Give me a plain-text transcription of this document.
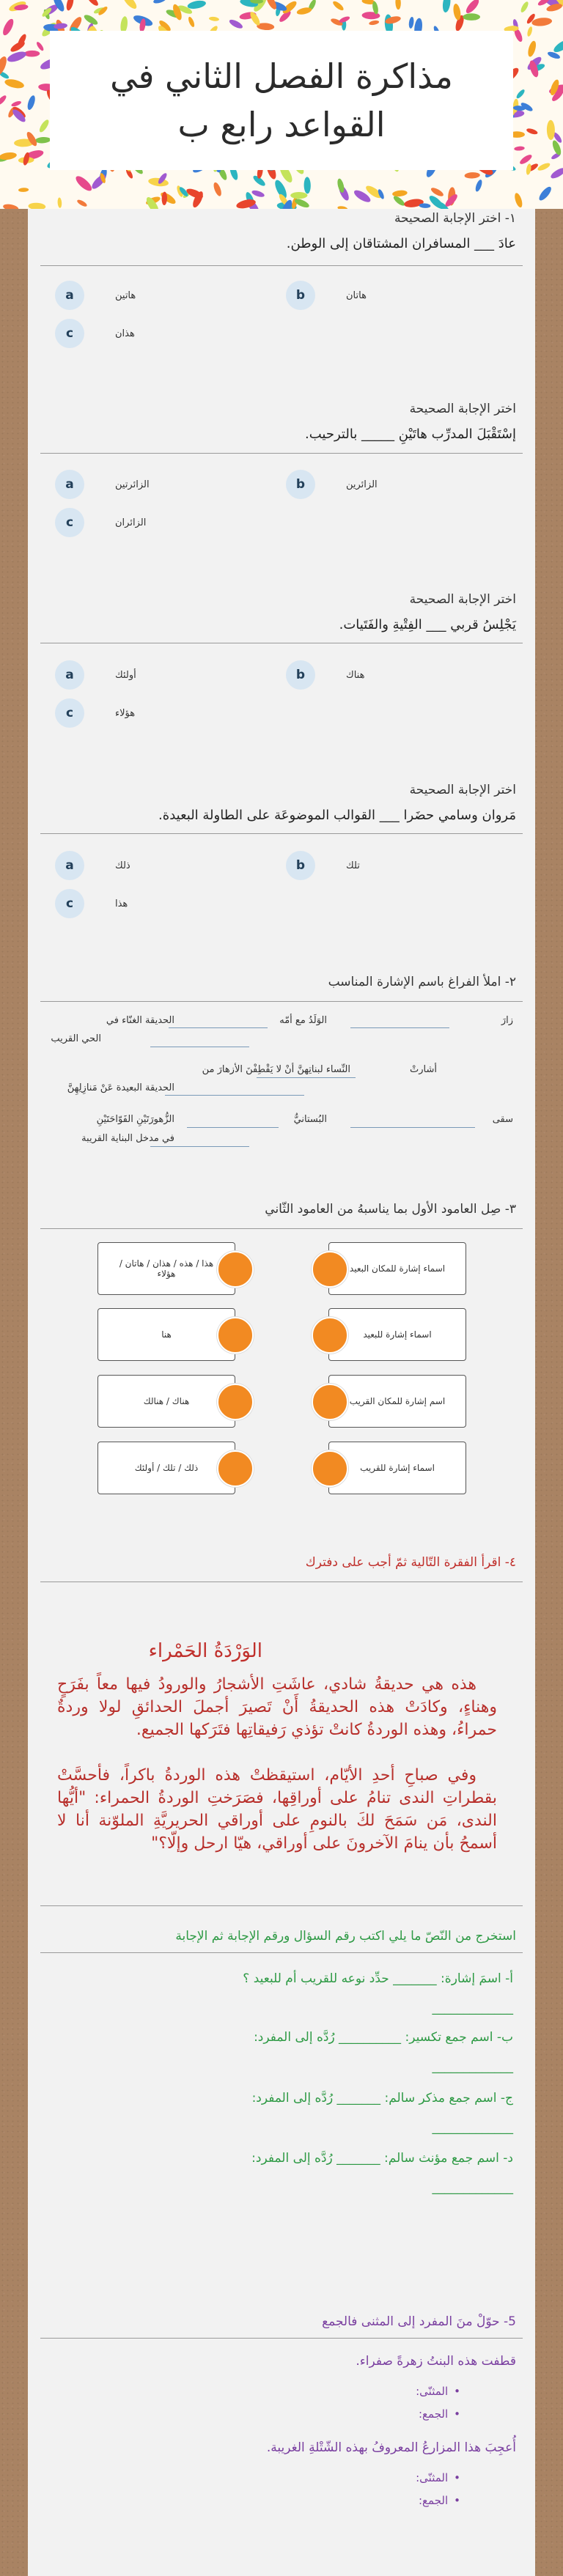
مذاكرة الفصل الثاني في
القواعد رابع ب
١- اختر الإجابة الصحيحة
عادَ ___ المسافران المشتاقان إلى الوطن.
a	هاتين	b	هاتان
c	هذان
a	الزائرتين	b	الزائرين
c	الزائران
a	أولئك	b	هناك
c	هؤلاء
a	ذلك	b	تلك
c	هذا
اختر الإجابة الصحيحة
إسْتَقْبَلَ المدرِّب هاتَيْنِ _____ بالترحيب.
اختر الإجابة الصحيحة
يَجْلِسُ قربي ___ الفِتْيةِ والفَتَيات.
اختر الإجابة الصحيحة
مَروان وسامي حضَرا ___ القوالب الموضوعَة على الطاولة البعيدة.
٢- املأ الفراغ باسم الإشارة المناسب
زارَ
الوَلَدُ مع أمّه
الحديقة الغنّاء في
الحي القريب
أشارتْ
النِّساء لبناتِهنَّ أنْ لا يَقْطِفْنَ الأزهارَ من
الحديقة البعيدة عَنْ مَنازِلِهِنَّ
سقى
البُستانيُّ
الزُّهورَتَيْنِ الفَوّاحَتَيْنِ
في مدخل البناية القريبة
٣- صِل العامود الأول بما يناسبهُ من العامود الثّاني
هذا / هذه / هذان / هاتان / هؤلاء	اسماء إشارة للمكان البعيد
هنا	اسماء إشارة للبعيد
هناك / هنالك	اسم إشارة للمكان القريب
ذلك / تلك / أولئك	اسماء إشارة للقريب
٤- اقرأ الفقرة التّالية ثمّ أجب على دفترك
الوَرْدَةُ الحَمْراء
هذه هي حديقةُ شادي، عاشَتِ الأشجارُ والورودُ فيها معاً بفَرَحٍ وهناءٍ، وكادَتْ هذه الحديقةُ أَنْ تَصيرَ أجملَ الحدائقِ لولا وردةٌ حمراءُ، وهذه الوردةُ كانتْ تؤذي رَفيقاتِها فتَرَكها الجميع.
وفي صباحِ أحدِ الأيّام، استيقظتْ هذه الوردةُ باكراً، فأحسَّتْ بقطراتِ الندى تنامُ على أوراقِها، فصَرَختِ الوردةُ الحمراء: "أيُّها الندى، مَن سَمَحَ لكَ بالنومِ على أوراقي الحريريَّةِ الملوّنة أنا لا أسمحُ بأن ينامَ الآخرونَ على أوراقي، هيّا ارحل وإلّا؟"
استخرج من النّصّ ما يلي اكتب رقم السؤال ورقم الإجابة ثم الإجابة
أ- اسمَ إشارة: _______ حدِّد نوعه للقريب أم للبعيد ؟
_____________
ب- اسم جمع تكسير: __________ رُدَّه إلى المفرد:
_____________
ج- اسم جمع مذكر سالم: _______ رُدَّه إلى المفرد:
_____________
د- اسم جمع مؤنث سالم: _______ رُدَّه إلى المفرد:
_____________
5- حوّلْ منَ المفرد إلى المثنى فالجمع
قطفت هذه البنتُ زهرةً صفراء.
• المثنّى:
• الجمع:
أُعجِبَ هذا المزارعُ المعروفُ بهذه الشّتْلةِ الغريبة.
• المثنّى:
• الجمع:
